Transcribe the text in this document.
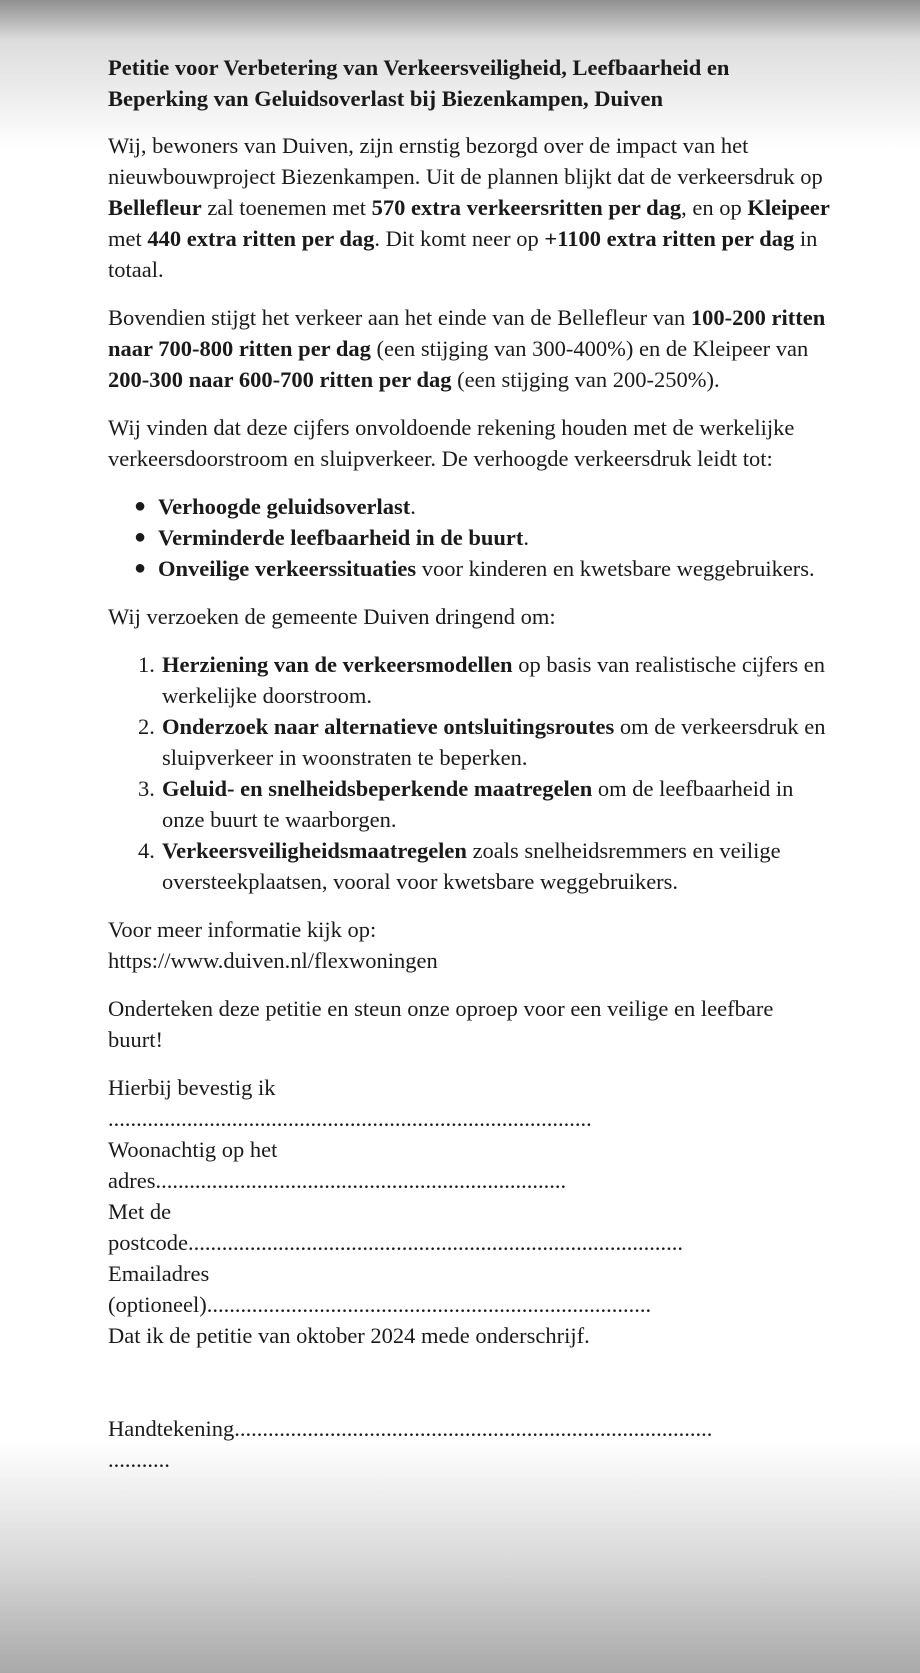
Petitie voor Verbetering van Verkeersveiligheid, Leefbaarheid en Beperking van Geluidsoverlast bij Biezenkampen, Duiven

Wij, bewoners van Duiven, zijn ernstig bezorgd over de impact van het nieuwbouwproject Biezenkampen. Uit de plannen blijkt dat de verkeersdruk op Bellefleur zal toenemen met 570 extra verkeersritten per dag, en op Kleipeer met 440 extra ritten per dag. Dit komt neer op +1100 extra ritten per dag in totaal.

Bovendien stijgt het verkeer aan het einde van de Bellefleur van 100-200 ritten naar 700-800 ritten per dag (een stijging van 300-400%) en de Kleipeer van 200-300 naar 600-700 ritten per dag (een stijging van 200-250%).

Wij vinden dat deze cijfers onvoldoende rekening houden met de werkelijke verkeersdoorstroom en sluipverkeer. De verhoogde verkeersdruk leidt tot:

● Verhoogde geluidsoverlast.
● Verminderde leefbaarheid in de buurt.
● Onveilige verkeerssituaties voor kinderen en kwetsbare weggebruikers.

Wij verzoeken de gemeente Duiven dringend om:

1. Herziening van de verkeersmodellen op basis van realistische cijfers en werkelijke doorstroom.
2. Onderzoek naar alternatieve ontsluitingsroutes om de verkeersdruk en sluipverkeer in woonstraten te beperken.
3. Geluid- en snelheidsbeperkende maatregelen om de leefbaarheid in onze buurt te waarborgen.
4. Verkeersveiligheidsmaatregelen zoals snelheidsremmers en veilige oversteekplaatsen, vooral voor kwetsbare weggebruikers.

Voor meer informatie kijk op:
https://www.duiven.nl/flexwoningen

Onderteken deze petitie en steun onze oproep voor een veilige en leefbare buurt!

Hierbij bevestig ik
......................................................................................
Woonachtig op het
adres.........................................................................
Met de
postcode........................................................................................
Emailadres
(optioneel)...............................................................................
Dat ik de petitie van oktober 2024 mede onderschrijf.
Handtekening.....................................................................................
...........
